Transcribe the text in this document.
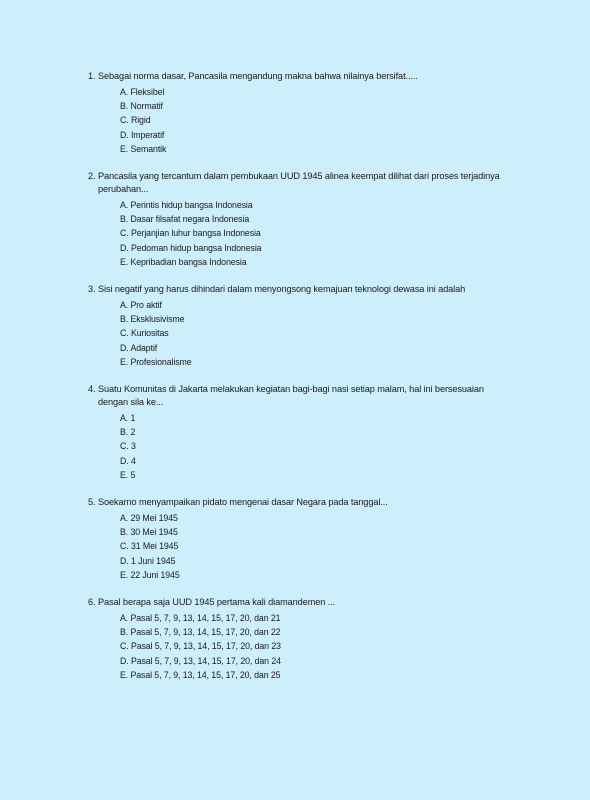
1. Sebagai norma dasar, Pancasila mengandung makna bahwa nilainya bersifat.....
A. Fleksibel
B. Normatif
C. Rigid
D. Imperatif
E. Semantik
2. Pancasila yang tercantum dalam pembukaan UUD 1945 alinea keempat dilihat dari proses terjadinya perubahan...
A. Perintis hidup bangsa Indonesia
B. Dasar filsafat negara Indonesia
C. Perjanjian luhur bangsa Indonesia
D. Pedoman hidup bangsa Indonesia
E. Kepribadian bangsa Indonesia
3. Sisi negatif yang harus dihindari dalam menyongsong kemajuan teknologi dewasa ini adalah
A. Pro aktif
B. Eksklusivisme
C. Kuriositas
D. Adaptif
E. Profesionalisme
4. Suatu Komunitas di Jakarta melakukan kegiatan bagi-bagi nasi setiap malam, hal ini bersesuaian dengan sila ke...
A. 1
B. 2
C. 3
D. 4
E. 5
5. Soekarno menyampaikan pidato mengenai dasar Negara pada tanggal...
A. 29 Mei 1945
B. 30 Mei 1945
C. 31 Mei 1945
D. 1 Juni 1945
E. 22 Juni 1945
6. Pasal berapa saja UUD 1945 pertama kali diamandemen ...
A. Pasal 5, 7, 9, 13, 14, 15, 17, 20, dan 21
B. Pasal 5, 7, 9, 13, 14, 15, 17, 20, dan 22
C. Pasal 5, 7, 9, 13, 14, 15, 17, 20, dan 23
D. Pasal 5, 7, 9, 13, 14, 15, 17, 20, dan 24
E. Pasal 5, 7, 9, 13, 14, 15, 17, 20, dan 25
